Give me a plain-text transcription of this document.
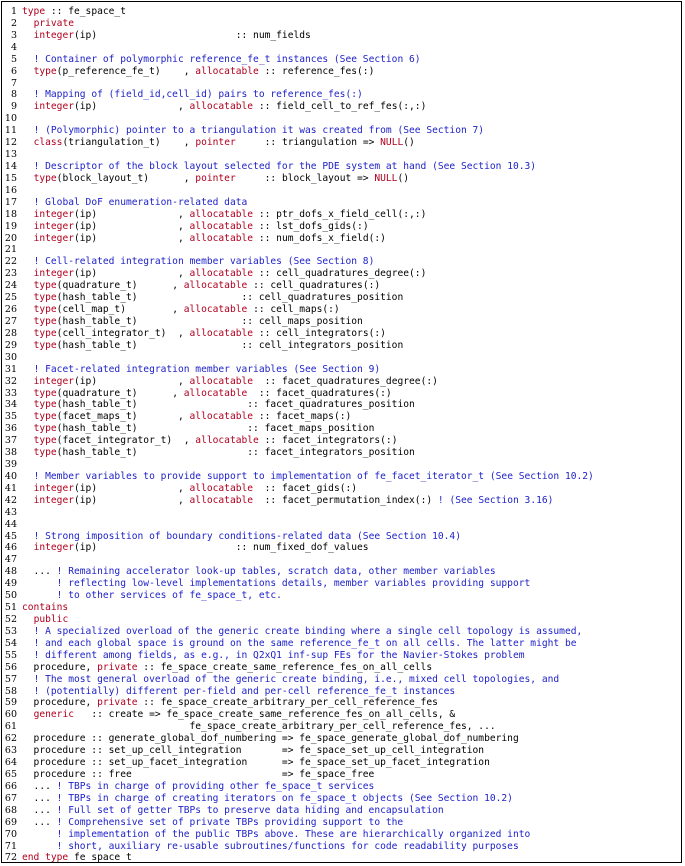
1 type :: fe_space_t
2	private
3	integer(ip)                        :: num_fields
4
5	! Container of polymorphic reference_fe_t instances (See Section 6)
6	type(p_reference_fe_t)    , allocatable :: reference_fes(:)
7
8	! Mapping of (field_id,cell_id) pairs to reference_fes(:)
9	integer(ip)              , allocatable :: field_cell_to_ref_fes(:,:)
10
11	! (Polymorphic) pointer to a triangulation it was created from (See Section 7)
12	class(triangulation_t)    , pointer     :: triangulation => NULL()
13
14	! Descriptor of the block layout selected for the PDE system at hand (See Section 10.3)
15	type(block_layout_t)      , pointer     :: block_layout => NULL()
16
17	! Global DoF enumeration-related data
18	integer(ip)              , allocatable :: ptr_dofs_x_field_cell(:,:)
19	integer(ip)              , allocatable :: lst_dofs_gids(:)
20	integer(ip)              , allocatable :: num_dofs_x_field(:)
21
22	! Cell-related integration member variables (See Section 8)
23	integer(ip)              , allocatable :: cell_quadratures_degree(:)
24	type(quadrature_t)      , allocatable :: cell_quadratures(:)
25	type(hash_table_t)                  :: cell_quadratures_position
26	type(cell_map_t)        , allocatable :: cell_maps(:)
27	type(hash_table_t)                  :: cell_maps_position
28	type(cell_integrator_t)  , allocatable :: cell_integrators(:)
29	type(hash_table_t)                  :: cell_integrators_position
30
31	! Facet-related integration member variables (See Section 9)
32	integer(ip)              , allocatable  :: facet_quadratures_degree(:)
33	type(quadrature_t)      , allocatable  :: facet_quadratures(:)
34	type(hash_table_t)                   :: facet_quadratures_position
35	type(facet_maps_t)       , allocatable :: facet_maps(:)
36	type(hash_table_t)                   :: facet_maps_position
37	type(facet_integrator_t)  , allocatable :: facet_integrators(:)
38	type(hash_table_t)                   :: facet_integrators_position
39
40	! Member variables to provide support to implementation of fe_facet_iterator_t (See Section 10.2)
41	integer(ip)              , allocatable  :: facet_gids(:)
42	integer(ip)              , allocatable  :: facet_permutation_index(:) ! (See Section 3.16)
43
44
45	! Strong imposition of boundary conditions-related data (See Section 10.4)
46	integer(ip)                        :: num_fixed_dof_values
47
48 ... ! Remaining accelerator look-up tables, scratch data, other member variables
49	! reflecting low-level implementations details, member variables providing support
50	! to other services of fe_space_t, etc.
51 contains
52	public
53	! A specialized overload of the generic create binding where a single cell topology is assumed,
54	! and each global space is ground on the same reference_fe_t on all cells. The latter might be
55	! different among fields, as e.g., in Q2xQ1 inf-sup FEs for the Navier-Stokes problem
56 procedure, private :: fe_space_create_same_reference_fes_on_all_cells
57	! The most general overload of the generic create binding, i.e., mixed cell topologies, and
58	! (potentially) different per-field and per-cell reference_fe_t instances
59 procedure, private :: fe_space_create_arbitrary_per_cell_reference_fes
60	generic   :: create => fe_space_create_same_reference_fes_on_all_cells, &
61 fe_space_create_arbitrary_per_cell_reference_fes, ...
62 procedure :: generate_global_dof_numbering => fe_space_generate_global_dof_numbering
63 procedure :: set_up_cell_integration       => fe_space_set_up_cell_integration
64 procedure :: set_up_facet_integration      => fe_space_set_up_facet_integration
65 procedure :: free                          => fe_space_free
66 ... ! TBPs in charge of providing other fe_space_t services
67 ... ! TBPs in charge of creating iterators on fe_space_t objects (See Section 10.2)
68 ... ! Full set of getter TBPs to preserve data hiding and encapsulation
69 ... ! Comprehensive set of private TBPs providing support to the
70	! implementation of the public TBPs above. These are hierarchically organized into
71	! short, auxiliary re-usable subroutines/functions for code readability purposes
72 end type fe_space_t
